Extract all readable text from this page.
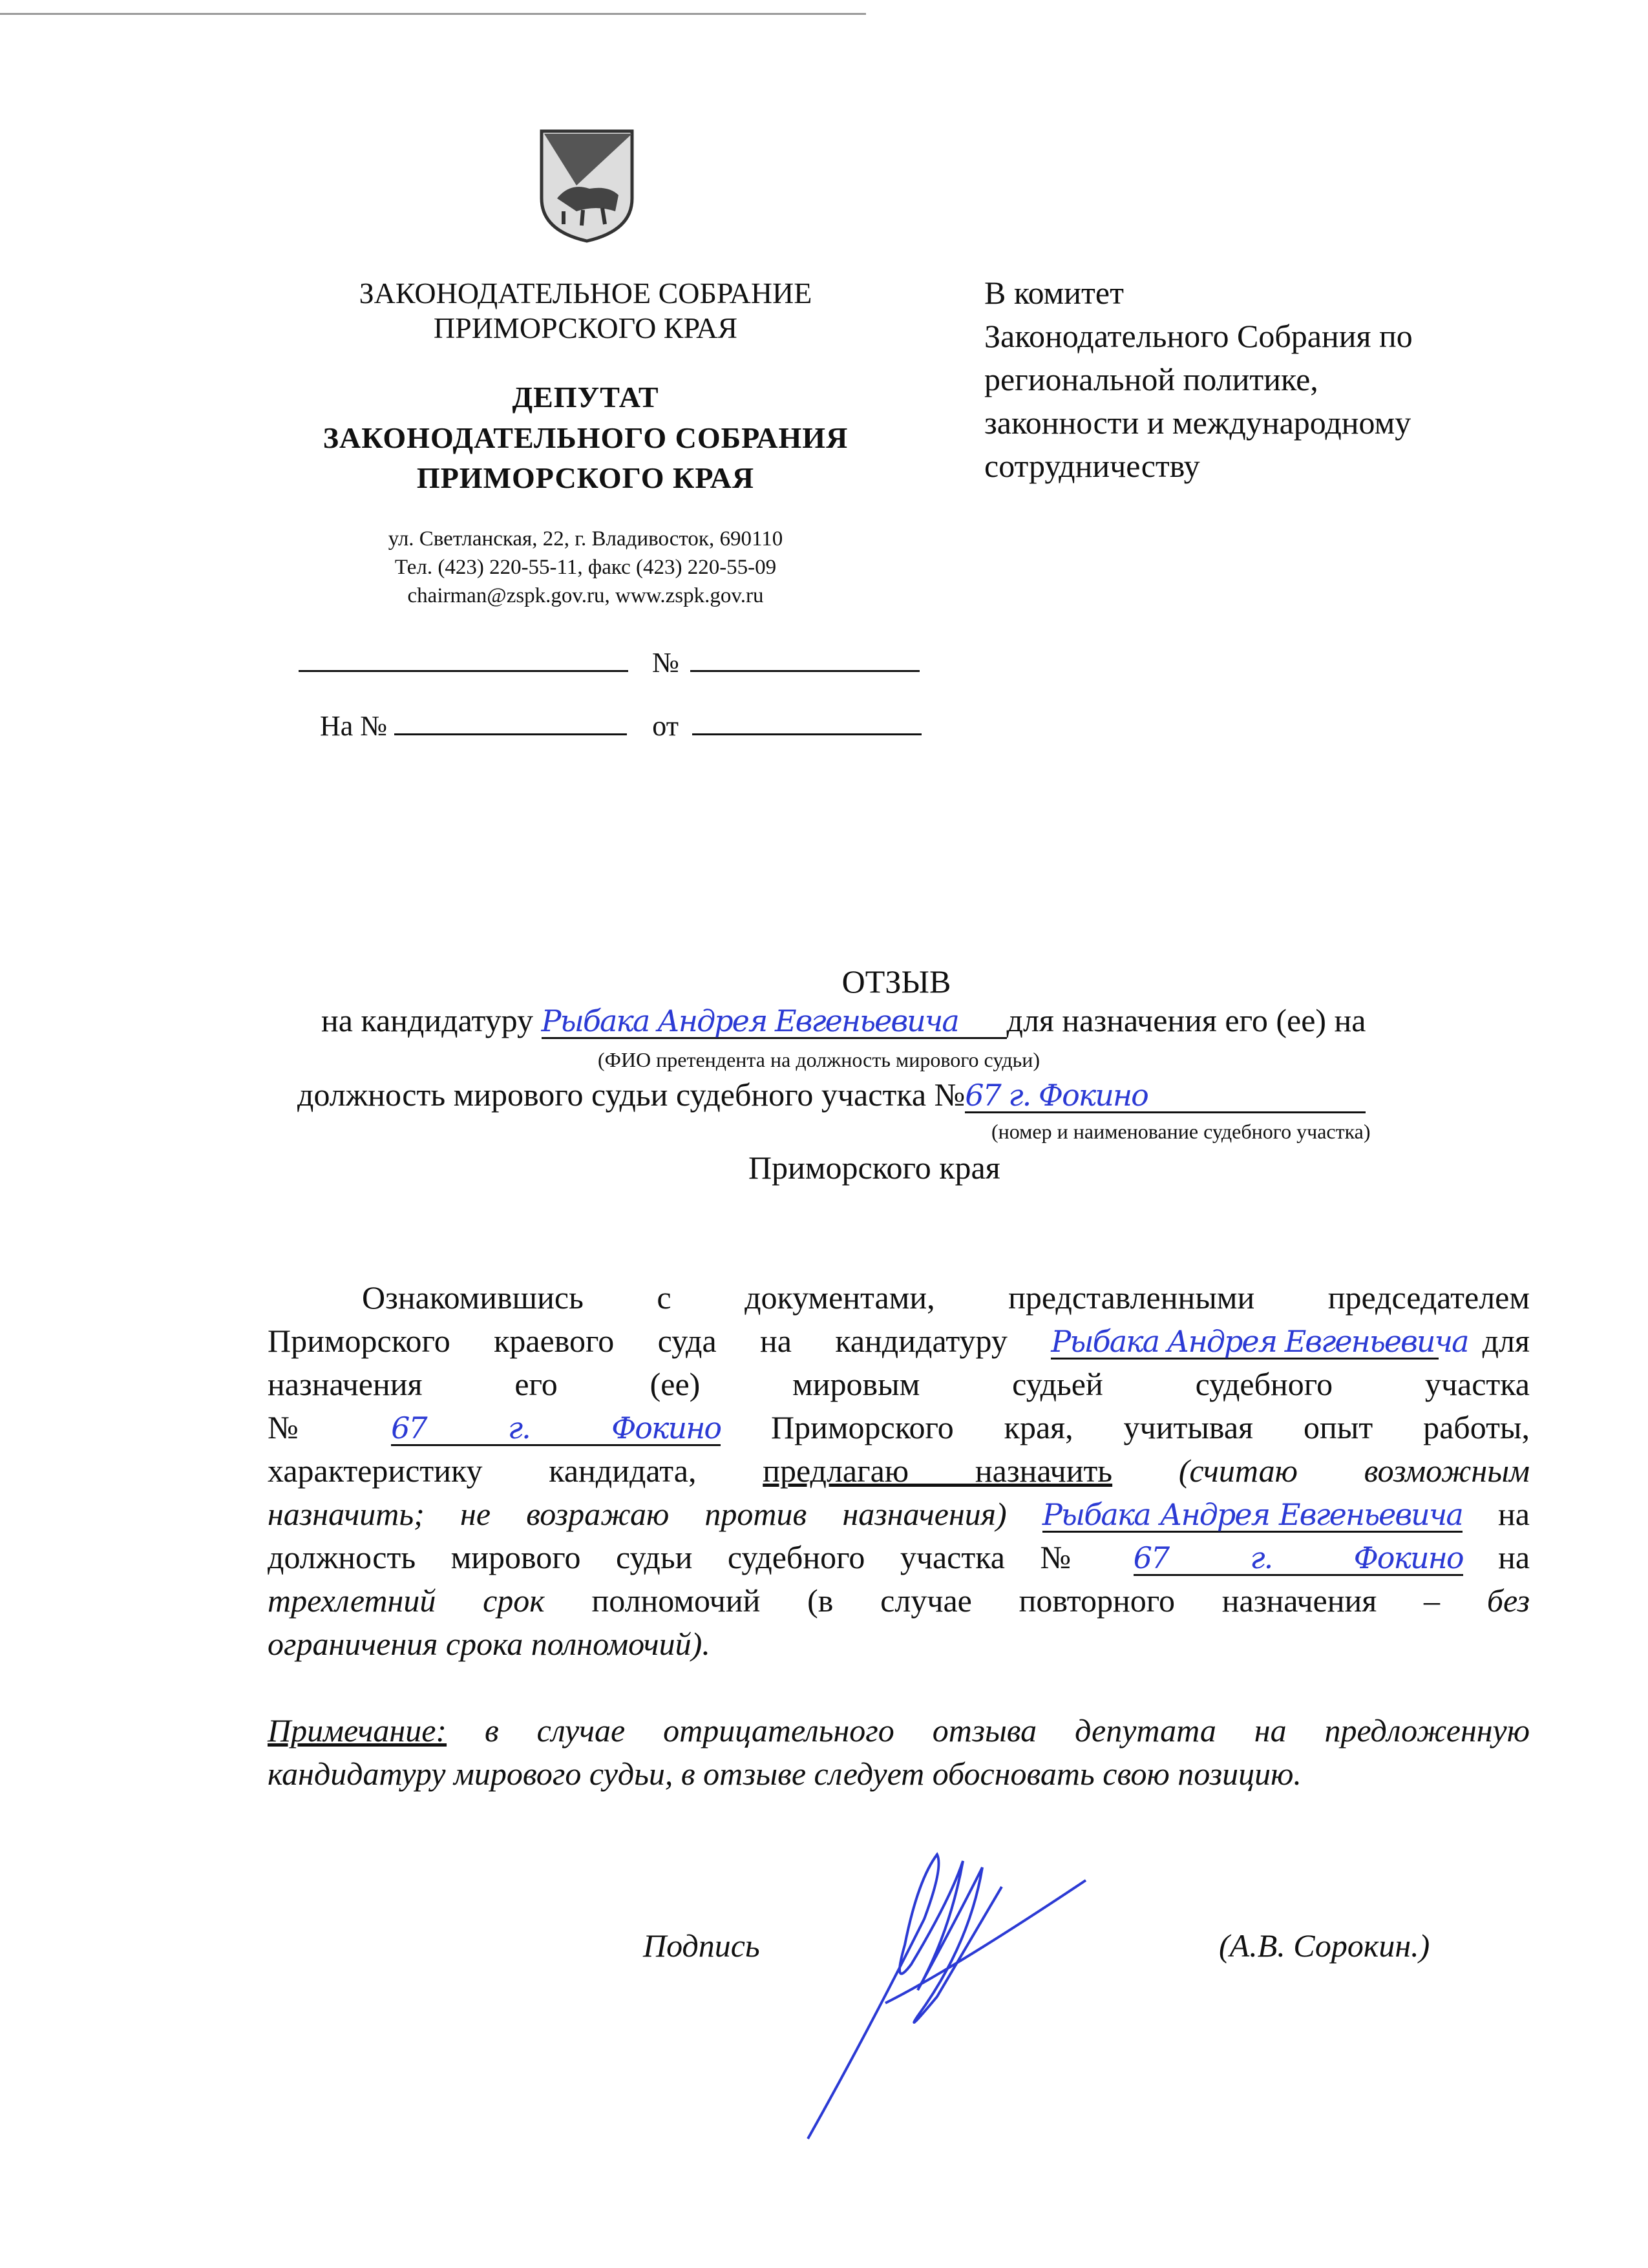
ЗАКОНОДАТЕЛЬНОЕ СОБРАНИЕ
ПРИМОРСКОГО КРАЯ
ДЕПУТАТ
ЗАКОНОДАТЕЛЬНОГО СОБРАНИЯ
ПРИМОРСКОГО КРАЯ
ул. Светланская, 22, г. Владивосток, 690110
Тел. (423) 220-55-11, факс (423) 220-55-09
chairman@zspk.gov.ru, www.zspk.gov.ru
№
На №	от
В комитет
Законодательного Собрания по
региональной политике,
законности и международному
сотрудничеству
ОТЗЫВ
на кандидатуру Рыбака Андрея Евгеньевича для назначения его (ее) на
(ФИО претендента на должность мирового судьи)
должность мирового судьи судебного участка №67 г. Фокино
(номер и наименование судебного участка)
Приморского края
Ознакомившись с документами, представленными председателем
Приморского краевого суда на кандидатуру Рыбака Андрея Евгеньевича для
назначения его (ее) мировым судьей судебного участка
№ 67 г. Фокино Приморского края, учитывая опыт работы,
характеристику кандидата, предлагаю назначить (считаю возможным
назначить; не возражаю против назначения) Рыбака Андрея Евгеньевича на
должность мирового судьи судебного участка № 67 г. Фокино на
трехлетний срок полномочий (в случае повторного назначения – без
ограничения срока полномочий).
Примечание: в случае отрицательного отзыва депутата на предложенную
кандидатуру мирового судьи, в отзыве следует обосновать свою позицию.
Подпись	(А.В. Сорокин.)
